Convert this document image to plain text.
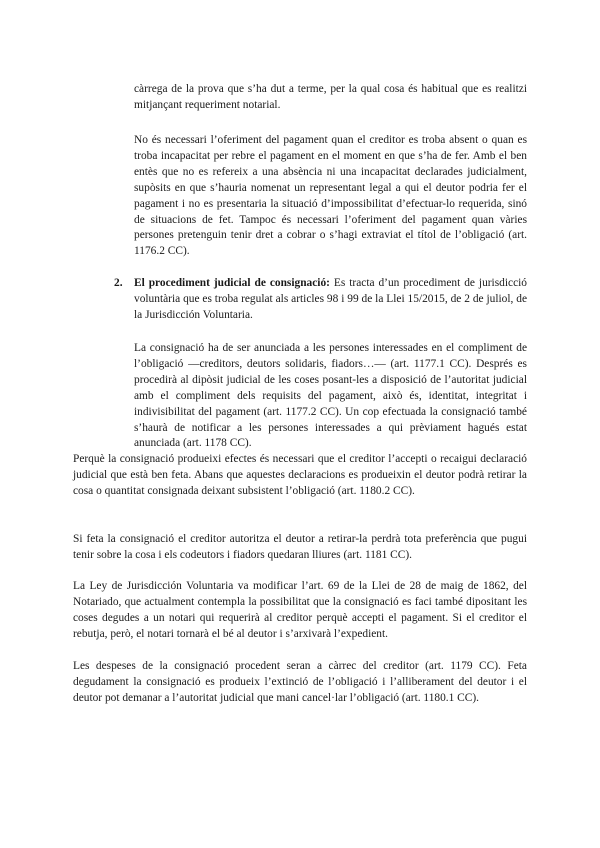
càrrega de la prova que s’ha dut a terme, per la qual cosa és habitual que es realitzi mitjançant requeriment notarial.

No és necessari l’oferiment del pagament quan el creditor es troba absent o quan es troba incapacitat per rebre el pagament en el moment en que s’ha de fer. Amb el ben entès que no es refereix a una absència ni una incapacitat declarades judicialment, supòsits en que s’hauria nomenat un representant legal a qui el deutor podria fer el pagament i no es presentaria la situació d’impossibilitat d’efectuar-lo requerida, sinó de situacions de fet. Tampoc és necessari l’oferiment del pagament quan vàries persones pretenguin tenir dret a cobrar o s’hagi extraviat el títol de l’obligació (art. 1176.2 CC).

2. El procediment judicial de consignació: Es tracta d’un procediment de jurisdicció voluntària que es troba regulat als articles 98 i 99 de la Llei 15/2015, de 2 de juliol, de la Jurisdicción Voluntaria.

La consignació ha de ser anunciada a les persones interessades en el compliment de l’obligació —creditors, deutors solidaris, fiadors…— (art. 1177.1 CC). Després es procedirà al dipòsit judicial de les coses posant-les a disposició de l’autoritat judicial amb el compliment dels requisits del pagament, això és, identitat, integritat i indivisibilitat del pagament (art. 1177.2 CC). Un cop efectuada la consignació també s’haurà de notificar a les persones interessades a qui prèviament hagués estat anunciada (art. 1178 CC).

Perquè la consignació produeixi efectes és necessari que el creditor l’accepti o recaigui declaració judicial que està ben feta. Abans que aquestes declaracions es produeixin el deutor podrà retirar la cosa o quantitat consignada deixant subsistent l’obligació (art. 1180.2 CC).

Si feta la consignació el creditor autoritza el deutor a retirar-la perdrà tota preferència que pugui tenir sobre la cosa i els codeutors i fiadors quedaran lliures (art. 1181 CC).

La Ley de Jurisdicción Voluntaria va modificar l’art. 69 de la Llei de 28 de maig de 1862, del Notariado, que actualment contempla la possibilitat que la consignació es faci també dipositant les coses degudes a un notari qui requerirà al creditor perquè accepti el pagament. Si el creditor el rebutja, però, el notari tornarà el bé al deutor i s’arxivarà l’expedient.

Les despeses de la consignació procedent seran a càrrec del creditor (art. 1179 CC). Feta degudament la consignació es produeix l’extinció de l’obligació i l’alliberament del deutor i el deutor pot demanar a l’autoritat judicial que mani cancel·lar l’obligació (art. 1180.1 CC).
